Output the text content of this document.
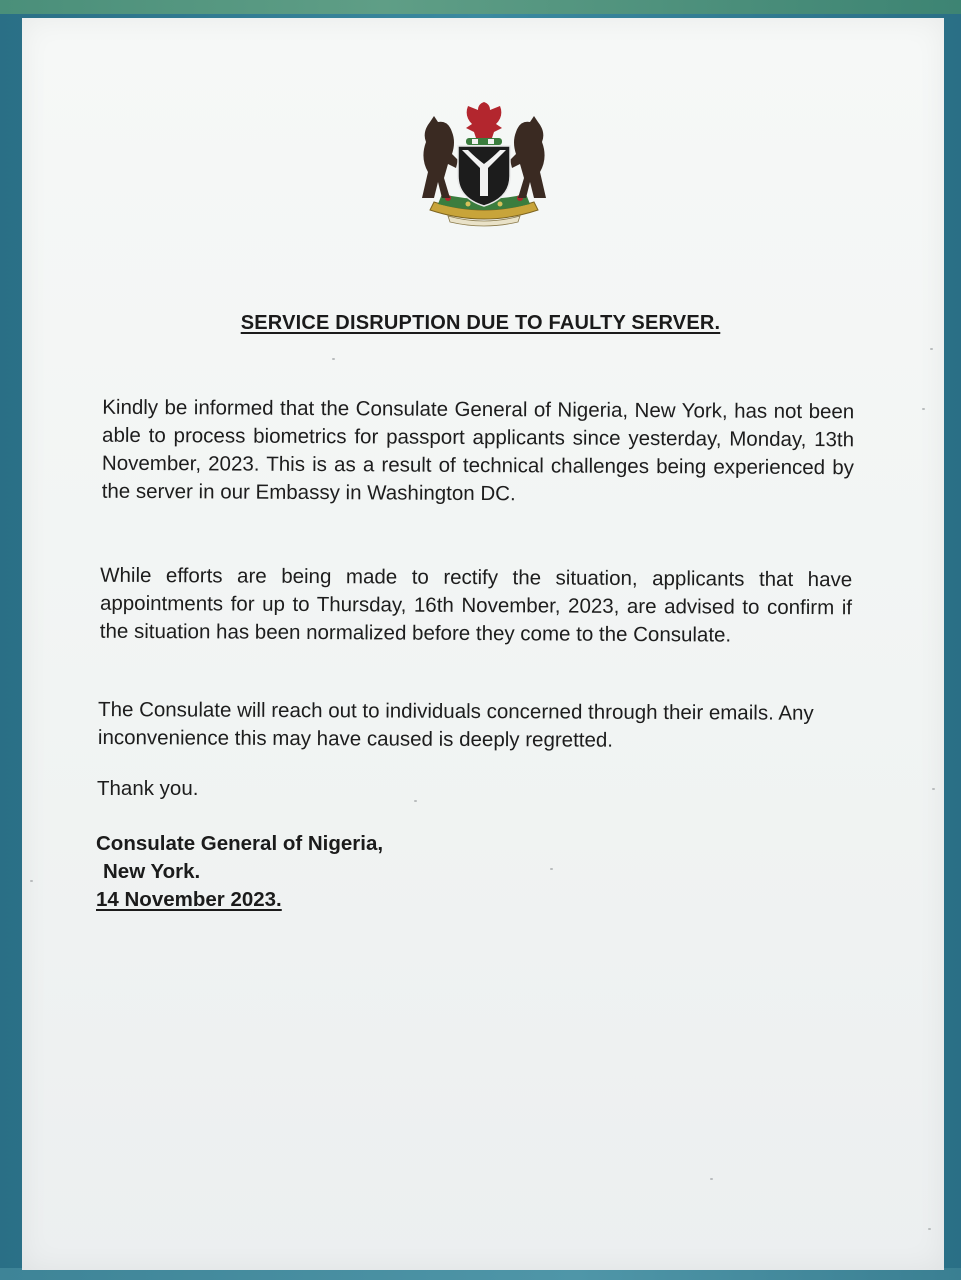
SERVICE DISRUPTION DUE TO FAULTY SERVER.
Kindly be informed that the Consulate General of Nigeria, New York, has not been able to process biometrics for passport applicants since yesterday, Monday, 13th November, 2023. This is as a result of technical challenges being experienced by the server in our Embassy in Washington DC.
While efforts are being made to rectify the situation, applicants that have appointments for up to Thursday, 16th November, 2023, are advised to confirm if the situation has been normalized before they come to the Consulate.
The Consulate will reach out to individuals concerned through their emails. Any inconvenience this may have caused is deeply regretted.
Thank you.
Consulate General of Nigeria,
New York.
14 November 2023.
